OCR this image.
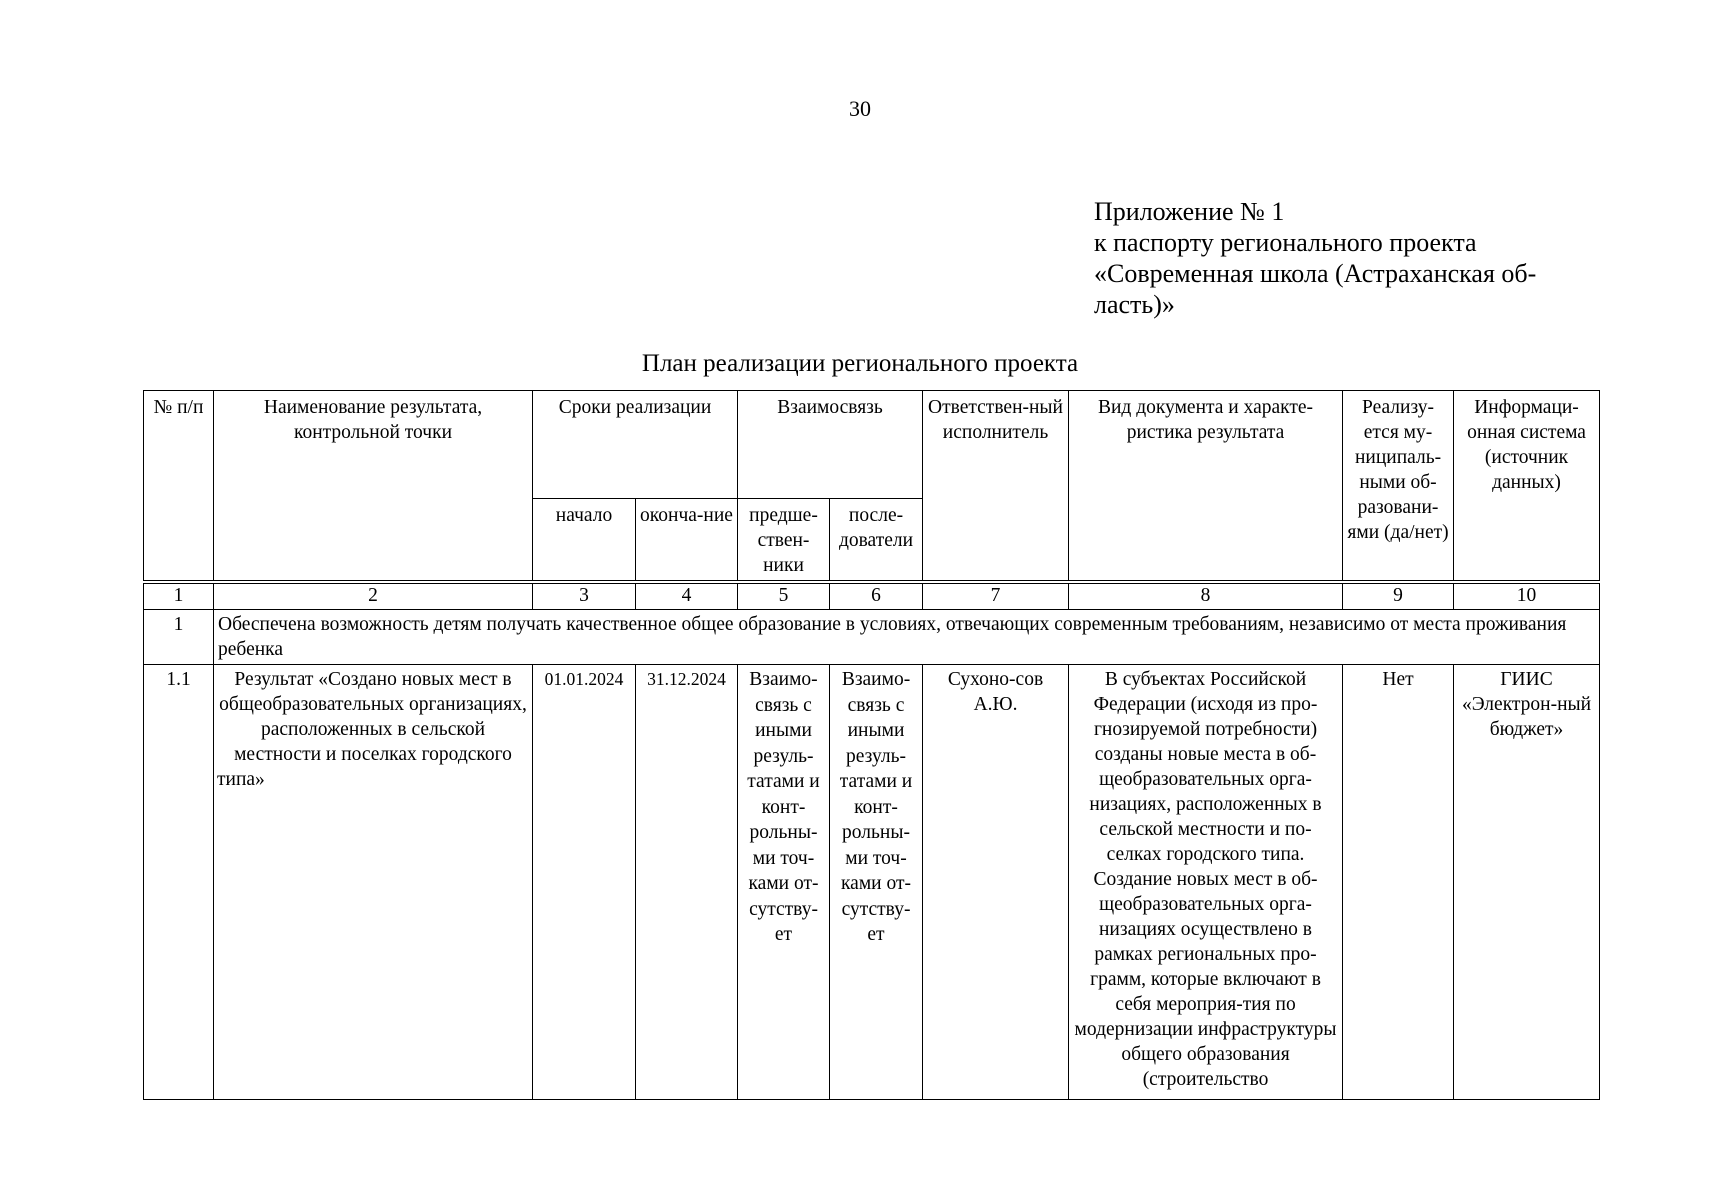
30
Приложение № 1
к паспорту регионального проекта
«Современная школа (Астраханская об-
ласть)»
План реализации регионального проекта
№ п/п	Наименование результата, контрольной точки	Сроки реализации		Взаимосвязь		Ответствен-ный исполнитель	Вид документа и характе-ристика результата	Реализу-ется му-ниципаль-ными об-разовани-ями (да/нет)	Информаци-онная система (источник данных)
		начало	оконча-ние	предше-ствен-ники	после-дователи				
1	2	3	4	5	6	7	8	9	10
1	Обеспечена возможность детям получать качественное общее образование в условиях, отвечающих современным требованиям, независимо от места проживания ребенка								
1.1	Результат «Создано новых мест в общеобразовательных организациях, расположенных в сельской местности и поселках городского типа»	01.01.2024	31.12.2024	Взаимо-связь с иными резуль-татами и конт-рольны-ми точ-ками от-сутству-ет	Взаимо-связь с иными резуль-татами и конт-рольны-ми точ-ками от-сутству-ет	Сухоно-сов А.Ю.	В субъектах Российской Федерации (исходя из про-гнозируемой потребности) созданы новые места в об-щеобразовательных орга-низациях, расположенных в сельской местности и по-селках городского типа. Создание новых мест в об-щеобразовательных орга-низациях осуществлено в рамках региональных про-грамм, которые включают в себя мероприя-тия по модернизации инфраструктуры общего образования (строительство	Нет	ГИИС «Электрон-ный бюджет»
